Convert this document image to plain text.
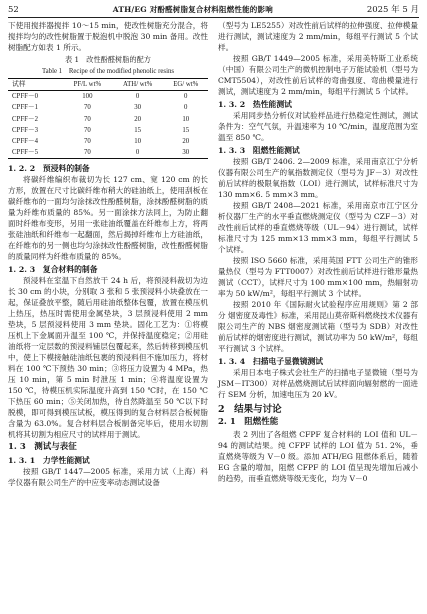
52	ATH/EG 对酚醛树脂复合材料阻燃性能的影响	2025 年 5 月

下使用搅拌器搅拌 10～15 min，使改性树脂充分混合，将搅拌均匀的改性树脂置于脱泡机中脱泡 30 min 备用。改性树脂配方如表 1 所示。

表 1　改性酚醛树脂的配方
Table 1　Recipe of the modified phenolic resins
试样	PF/L wt%	ATH/ wt%	EG/ wt%
CPFF－0	100	0	0
CPFF－1	70	30	0
CPFF－2	70	20	10
CPFF－3	70	15	15
CPFF－4	70	10	20
CPFF－5	70	0	30
1. 2. 2　预浸料的制备

将碳纤维编织布裁切为长 127 cm、宽 120 cm 的长方形，放置在尺寸比碳纤维布稍大的硅油纸上，使用刮板在碳纤维布的一面均匀涂抹改性酚醛树脂，涂抹酚醛树脂的质量为纤维布质量的 85%。另一面涂抹方法同上，为防止翻面时纤维布变形，另用一张硅油纸覆盖在纤维布上方，将两张硅油纸和纤维布一起翻面，然后揭掉纤维布上方硅油纸，在纤维布的另一侧也均匀涂抹改性酚醛树脂，改性酚醛树脂的质量同样为纤维布质量的 85%。

1. 2. 3　复合材料的制备

预浸料在室温下自然放干 24 h 后，将预浸料裁切为边长 30 cm 的小块，分别取 3 张和 5 张预浸料小块叠放在一起，保证叠放平整，随后用硅油纸整体包覆，放置在模压机上热压，热压时需使用金属垫块，3 层预浸料使用 2 mm 垫块，5 层预浸料使用 3 mm 垫块。固化工艺为：①将模压机上下金属面升温至 100 ℃，并保持温度稳定；②用硅油纸将一定层数的预浸料铺层包覆起来，然后转移到模压机中，使上下模接触硅油纸包裹的预浸料但不施加压力，将材料在 100 ℃下预热 30 min；③将压力设置为 4 MPa，热压 10 min，第 5 min 时泄压 1 min；④将温度设置为 150 ℃，待模压机实际温度升高到 150 ℃时，在 150 ℃下热压 60 min；⑤关闭加热，待自然降温至 50 ℃以下时脱模，即可得到模压试板，模压得到的复合材料层合板树脂含量为 63.0%。复合材料层合板制备完毕后，使用水切割机将其切割为相应尺寸的试样用于测试。

1. 3　测试与表征
1. 3. 1　力学性能测试

按照 GB/T 1447—2005 标准，采用力试（上海）科学仪器有限公司生产的中应变率动态测试设备

（型号为 LE5255）对改性前后试样的拉伸强度、拉伸模量进行测试，测试速度为 2 mm/min，每组平行测试 5 个试样。

按照 GB/T 1449—2005 标准，采用美特斯工业系统（中国）有限公司生产的微机控制电子万能试验机（型号为 CMT5504），对改性前后试样的弯曲强度、弯曲模量进行测试，测试速度为 2 mm/min，每组平行测试 5 个试样。

1. 3. 2　热性能测试

采用同步热分析仪对试验样品进行热稳定性测试，测试条件为：空气气氛，升温速率为 10 ℃/min，温度范围为室温至 850 ℃。

1. 3. 3　阻燃性能测试

按照 GB/T 2406. 2—2009 标准，采用南京江宁分析仪器有限公司生产的氧指数测定仪（型号为 JF－3）对改性前后试样的极限氧指数（LOI）进行测试，试样标准尺寸为 130 mm×6. 5 mm×3 mm。

按照 GB/T 2408—2021 标准，采用南京市江宁区分析仪器厂生产的水平垂直燃烧测定仪（型号为 CZF－3）对改性前后试样的垂直燃烧等级（UL－94）进行测试，试样标准尺寸为 125 mm×13 mm×3 mm，每组平行测试 5 个试样。

按照 ISO 5660 标准，采用英国 FTT 公司生产的锥形量热仪（型号为 FTT0007）对改性前后试样进行锥形量热测试（CCT），试样尺寸为 100 mm×100 mm，热辐射功率为 50 kW/m²，每组平行测试 3 个试样。

按照 2010 年《国际耐火试验程序应用规则》第 2 部分 烟密度及毒性》标准，采用昆山莫帝斯科燃烧技术仪器有限公司生产的 NBS 烟密度测试箱（型号为 SDB）对改性前后试样的烟密度进行测试，测试功率为 50 kW/m²，每组平行测试 3 个试样。

1. 3. 4　扫描电子显微镜测试

采用日本电子株式会社生产的扫描电子显微镜（型号为 JSM－IT300）对样品燃烧测试后试样面向辐射燃的一面进行 SEM 分析，加速电压为 20 kV。

2　结果与讨论
2. 1　阻燃性能

表 2 列出了各组燃 CFPF 复合材料的 LOI 值和 UL－94 的测试结果。纯 CFPF 试样的 LOI 值为 51. 2%，垂直燃烧等级为 V－0 级。添加 ATH/EG 阻燃体系后，随着 EG 含量的增加，阻燃 CFPF 的 LOI 值呈现先增加后减小的趋势，而垂直燃烧等级无变化，均为 V－0
